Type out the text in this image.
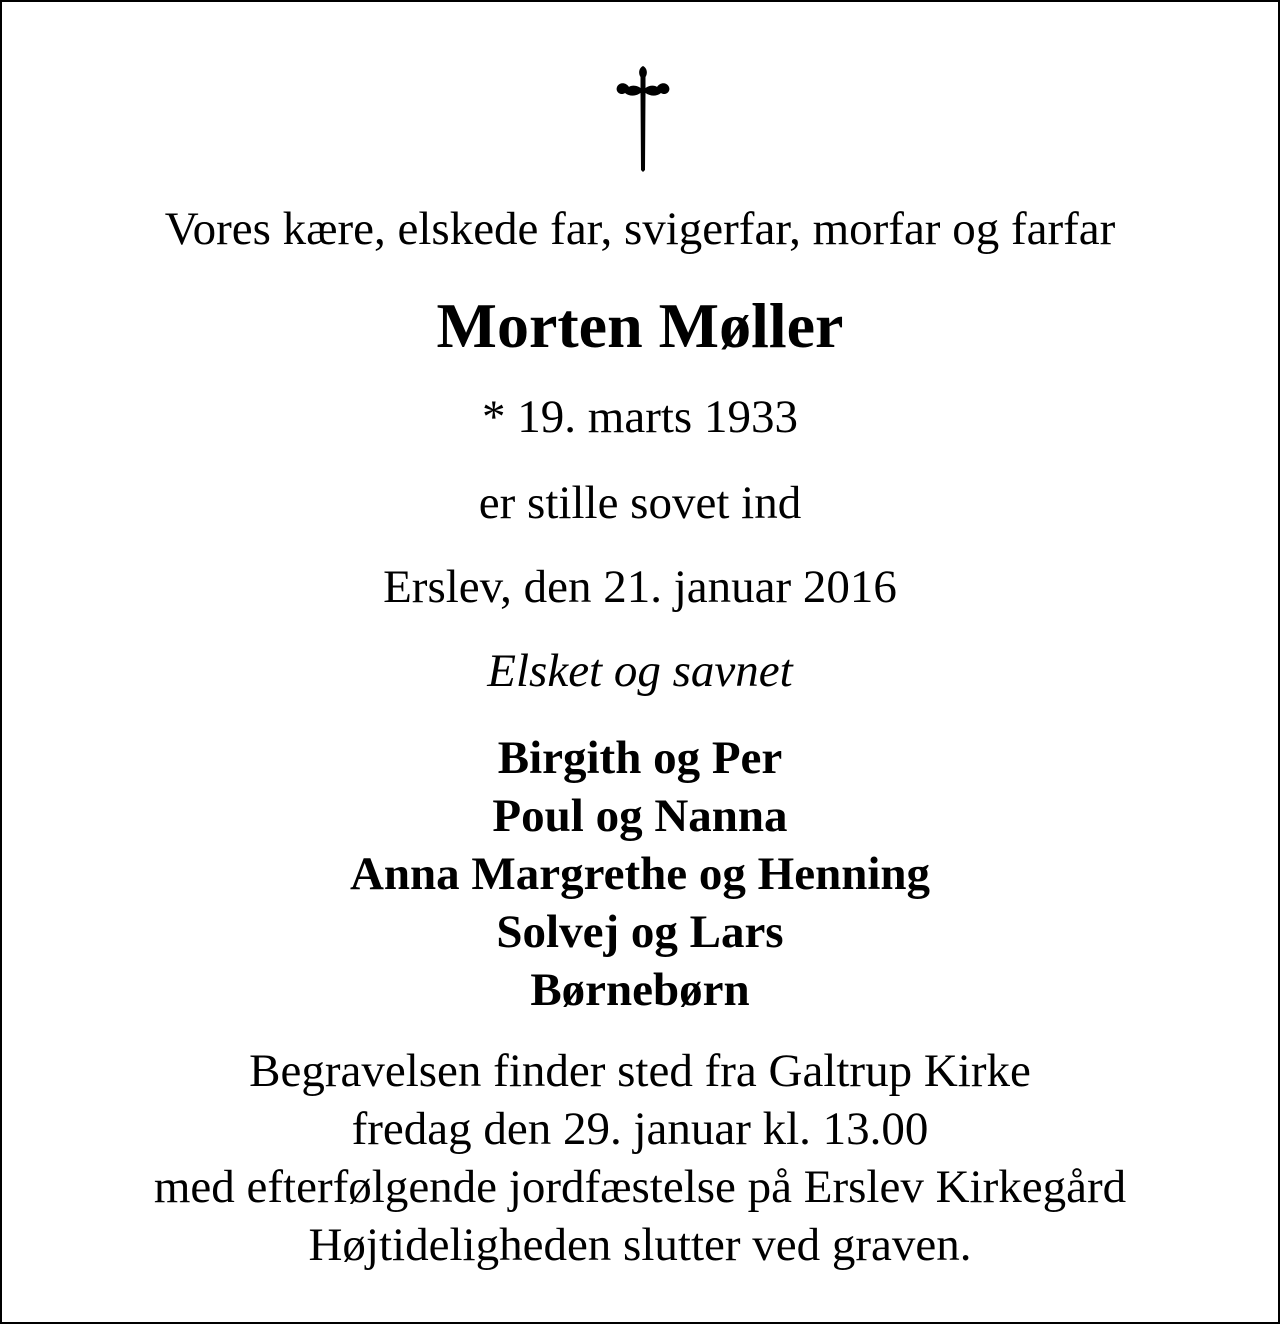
Vores kære, elskede far, svigerfar, morfar og farfar
Morten Møller
* 19. marts 1933
er stille sovet ind
Erslev, den 21. januar 2016
Elsket og savnet
Birgith og Per
Poul og Nanna
Anna Margrethe og Henning
Solvej og Lars
Børnebørn
Begravelsen finder sted fra Galtrup Kirke
fredag den 29. januar kl. 13.00
med efterfølgende jordfæstelse på Erslev Kirkegård
Højtideligheden slutter ved graven.
